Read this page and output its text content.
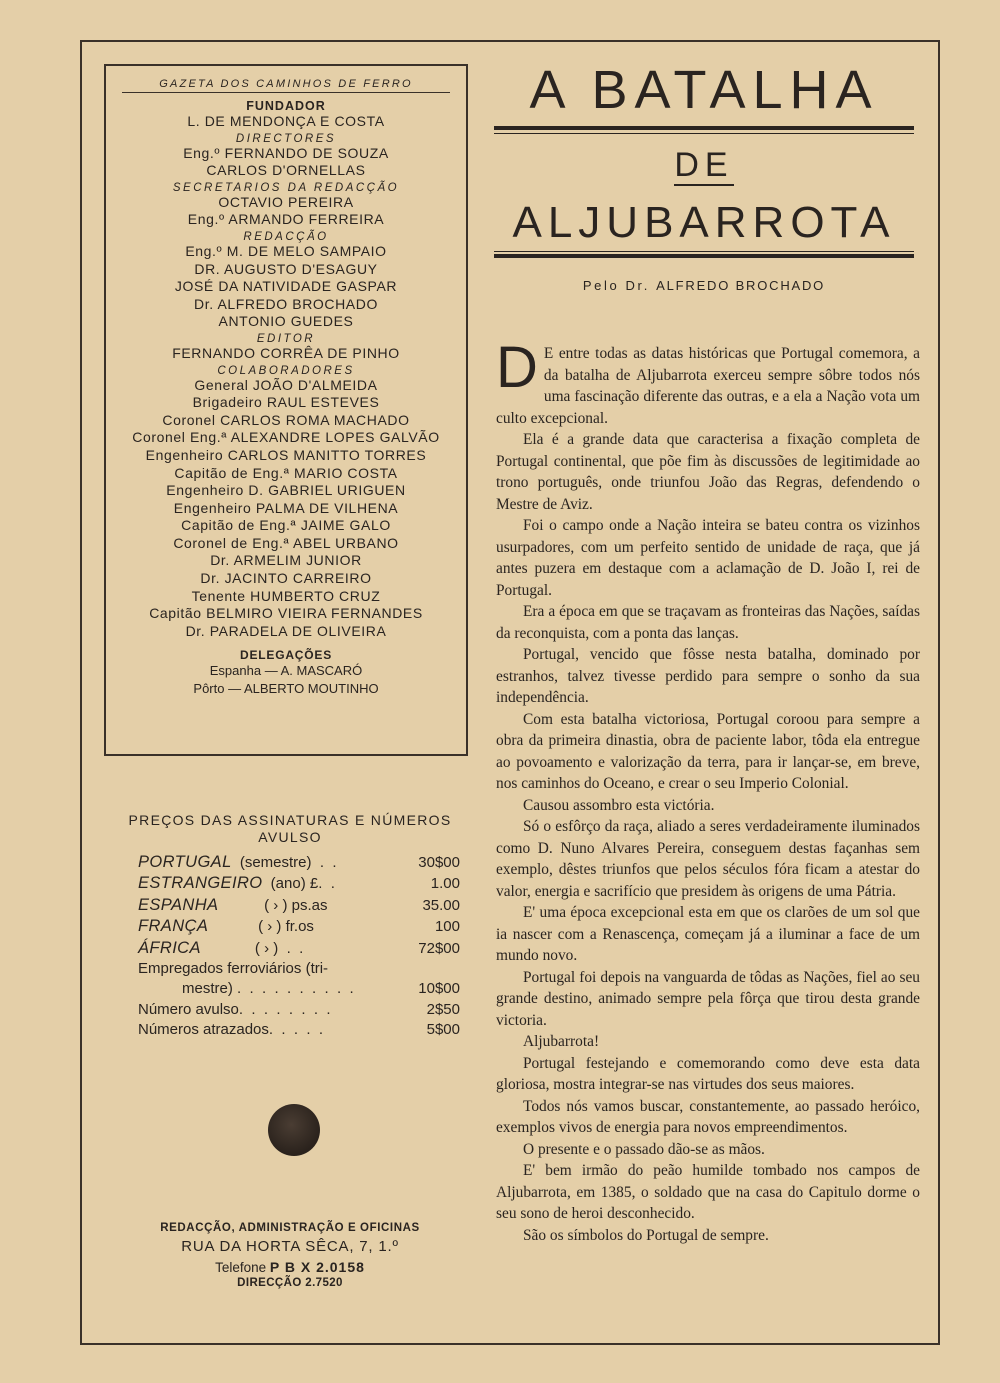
GAZETA DOS CAMINHOS DE FERRO
FUNDADOR
L. DE MENDONÇA E COSTA
DIRECTORES
Eng.º FERNANDO DE SOUZA
CARLOS D'ORNELLAS
SECRETARIOS DA REDACÇÃO
OCTAVIO PEREIRA
Eng.º ARMANDO FERREIRA
REDACÇÃO
Eng.º M. DE MELO SAMPAIO
DR. AUGUSTO D'ESAGUY
JOSÉ DA NATIVIDADE GASPAR
Dr. ALFREDO BROCHADO
ANTONIO GUEDES
EDITOR
FERNANDO CORRÊA DE PINHO
COLABORADORES
General JOÃO D'ALMEIDA
Brigadeiro RAUL ESTEVES
Coronel CARLOS ROMA MACHADO
Coronel Eng.ª ALEXANDRE LOPES GALVÃO
Engenheiro CARLOS MANITTO TORRES
Capitão de Eng.ª MARIO COSTA
Engenheiro D. GABRIEL URIGUEN
Engenheiro PALMA DE VILHENA
Capitão de Eng.ª JAIME GALO
Coronel de Eng.ª ABEL URBANO
Dr. ARMELIM JUNIOR
Dr. JACINTO CARREIRO
Tenente HUMBERTO CRUZ
Capitão BELMIRO VIEIRA FERNANDES
Dr. PARADELA DE OLIVEIRA
DELEGAÇÕES
Espanha — A. MASCARÓ
Pôrto — ALBERTO MOUTINHO
PREÇOS DAS ASSINATURAS E NÚMEROS AVULSO
PORTUGAL (semestre)  .  .	30$00
ESTRANGEIRO (ano) £.  .	1.00
ESPANHA ( › ) ps.as	35.00
FRANÇA ( › ) fr.os	100
ÁFRICA ( › )  .  .	72$00
Empregados ferroviários (tri-
mestre) .  .  .  .  .  .  .  .  .  .	10$00
Número avulso.  .  .  .  .  .  .  .	2$50
Números atrazados.  .  .  .  .	5$00
REDACÇÃO, ADMINISTRAÇÃO E OFICINAS
RUA DA HORTA SÊCA, 7, 1.º
Telefone P B X 2.0158
DIRECÇÃO 2.7520
A BATALHA
DE
ALJUBARROTA
Pelo Dr. ALFREDO BROCHADO

D E entre todas as datas históricas que Portugal comemora, a da batalha de Aljubarrota exerceu sempre sôbre todos nós uma fascinação diferente das outras, e a ela a Nação vota um culto excepcional.

Ela é a grande data que caracterisa a fixação completa de Portugal continental, que põe fim às discussões de legitimidade ao trono português, onde triunfou João das Regras, defendendo o Mestre de Aviz.

Foi o campo onde a Nação inteira se bateu contra os vizinhos usurpadores, com um perfeito sentido de unidade de raça, que já antes puzera em destaque com a aclamação de D. João I, rei de Portugal.

Era a época em que se traçavam as fronteiras das Nações, saídas da reconquista, com a ponta das lanças.

Portugal, vencido que fôsse nesta batalha, dominado por estranhos, talvez tivesse perdido para sempre o sonho da sua independência.

Com esta batalha victoriosa, Portugal coroou para sempre a obra da primeira dinastia, obra de paciente labor, tôda ela entregue ao povoamento e valorização da terra, para ir lançar-se, em breve, nos caminhos do Oceano, e crear o seu Imperio Colonial.

Causou assombro esta victória.

Só o esfôrço da raça, aliado a seres verdadeiramente iluminados como D. Nuno Alvares Pereira, conseguem destas façanhas sem exemplo, dêstes triunfos que pelos séculos fóra ficam a atestar do valor, energia e sacrifício que presidem às origens de uma Pátria.

E' uma época excepcional esta em que os clarões de um sol que ia nascer com a Renascença, começam já a iluminar a face de um mundo novo.

Portugal foi depois na vanguarda de tôdas as Nações, fiel ao seu grande destino, animado sempre pela fôrça que tirou desta grande victoria.

Aljubarrota!

Portugal festejando e comemorando como deve esta data gloriosa, mostra integrar-se nas virtudes dos seus maiores.

Todos nós vamos buscar, constantemente, ao passado heróico, exemplos vivos de energia para novos empreendimentos.

O presente e o passado dão-se as mãos.

E' bem irmão do peão humilde tombado nos campos de Aljubarrota, em 1385, o soldado que na casa do Capitulo dorme o seu sono de heroi desconhecido.

São os símbolos do Portugal de sempre.
